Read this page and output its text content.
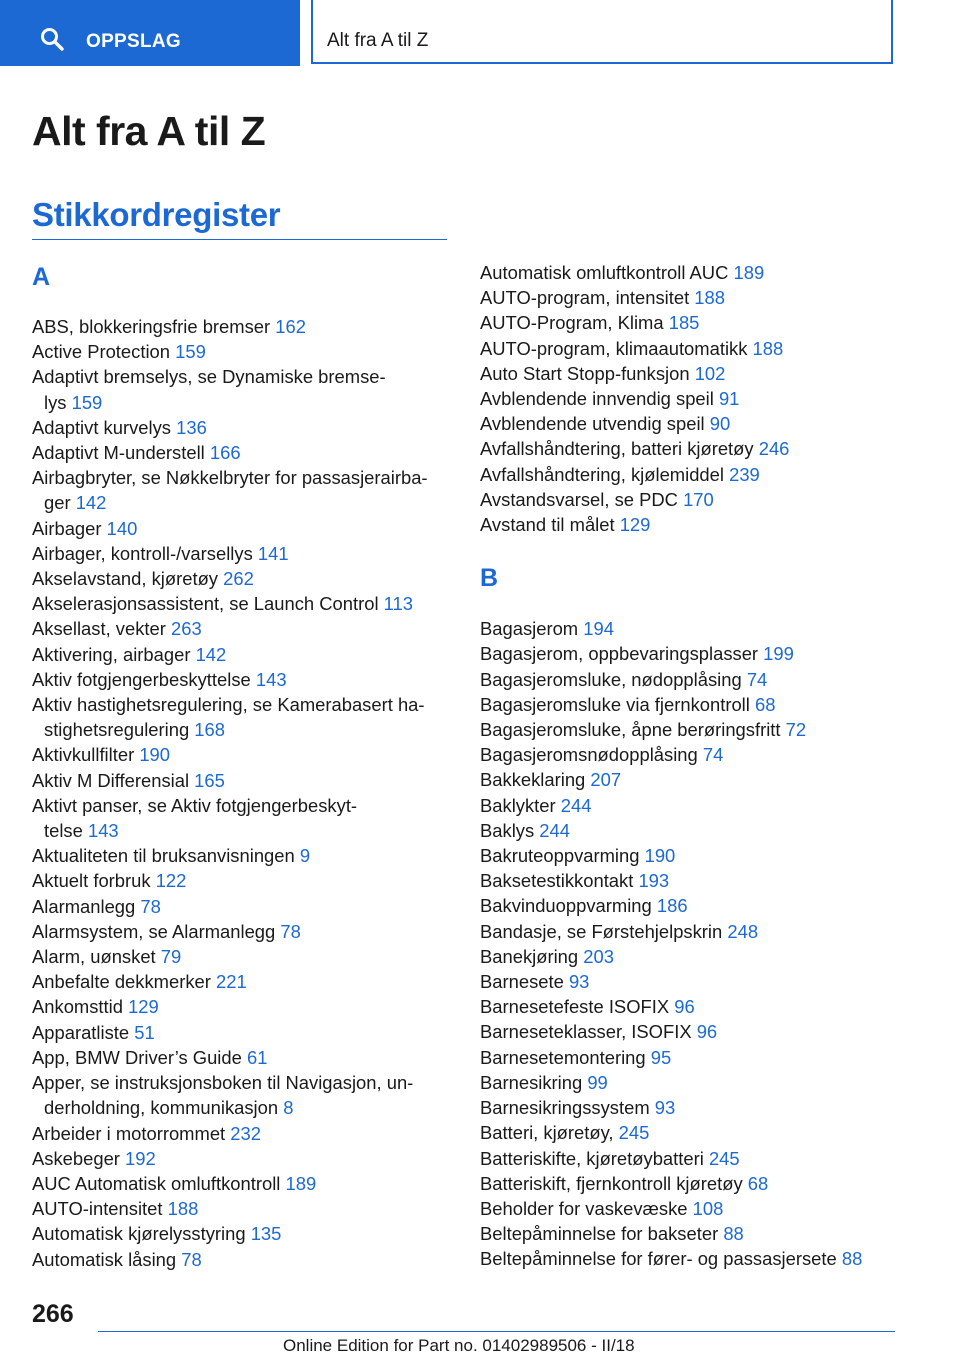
OPPSLAG	Alt fra A til Z
Alt fra A til Z
Stikkordregister
A
ABS, blokkeringsfrie bremser 162
Active Protection 159
Adaptivt bremselys, se Dynamiske bremse-
lys 159
Adaptivt kurvelys 136
Adaptivt M-understell 166
Airbagbryter, se Nøkkelbryter for passasjerairba-
ger 142
Airbager 140
Airbager, kontroll-/varsellys 141
Akselavstand, kjøretøy 262
Akselerasjonsassistent, se Launch Control 113
Aksellast, vekter 263
Aktivering, airbager 142
Aktiv fotgjengerbeskyttelse 143
Aktiv hastighetsregulering, se Kamerabasert ha-
stighetsregulering 168
Aktivkullfilter 190
Aktiv M Differensial 165
Aktivt panser, se Aktiv fotgjengerbeskyt-
telse 143
Aktualiteten til bruksanvisningen 9
Aktuelt forbruk 122
Alarmanlegg 78
Alarmsystem, se Alarmanlegg 78
Alarm, uønsket 79
Anbefalte dekkmerker 221
Ankomsttid 129
Apparatliste 51
App, BMW Driver’s Guide 61
Apper, se instruksjonsboken til Navigasjon, un-
derholdning, kommunikasjon 8
Arbeider i motorrommet 232
Askebeger 192
AUC Automatisk omluftkontroll 189
AUTO-intensitet 188
Automatisk kjørelysstyring 135
Automatisk låsing 78
Automatisk omluftkontroll AUC 189
AUTO-program, intensitet 188
AUTO-Program, Klima 185
AUTO-program, klimaautomatikk 188
Auto Start Stopp-funksjon 102
Avblendende innvendig speil 91
Avblendende utvendig speil 90
Avfallshåndtering, batteri kjøretøy 246
Avfallshåndtering, kjølemiddel 239
Avstandsvarsel, se PDC 170
Avstand til målet 129
B
Bagasjerom 194
Bagasjerom, oppbevaringsplasser 199
Bagasjeromsluke, nødopplåsing 74
Bagasjeromsluke via fjernkontroll 68
Bagasjeromsluke, åpne berøringsfritt 72
Bagasjeromsnødopplåsing 74
Bakkeklaring 207
Baklykter 244
Baklys 244
Bakruteoppvarming 190
Baksetestikkontakt 193
Bakvinduoppvarming 186
Bandasje, se Førstehjelpskrin 248
Banekjøring 203
Barnesete 93
Barnesetefeste ISOFIX 96
Barneseteklasser, ISOFIX 96
Barnesetemontering 95
Barnesikring 99
Barnesikringssystem 93
Batteri, kjøretøy, 245
Batteriskifte, kjøretøybatteri 245
Batteriskift, fjernkontroll kjøretøy 68
Beholder for vaskevæske 108
Beltepåminnelse for bakseter 88
Beltepåminnelse for fører- og passasjersete 88
266
Online Edition for Part no. 01402989506 - II/18
